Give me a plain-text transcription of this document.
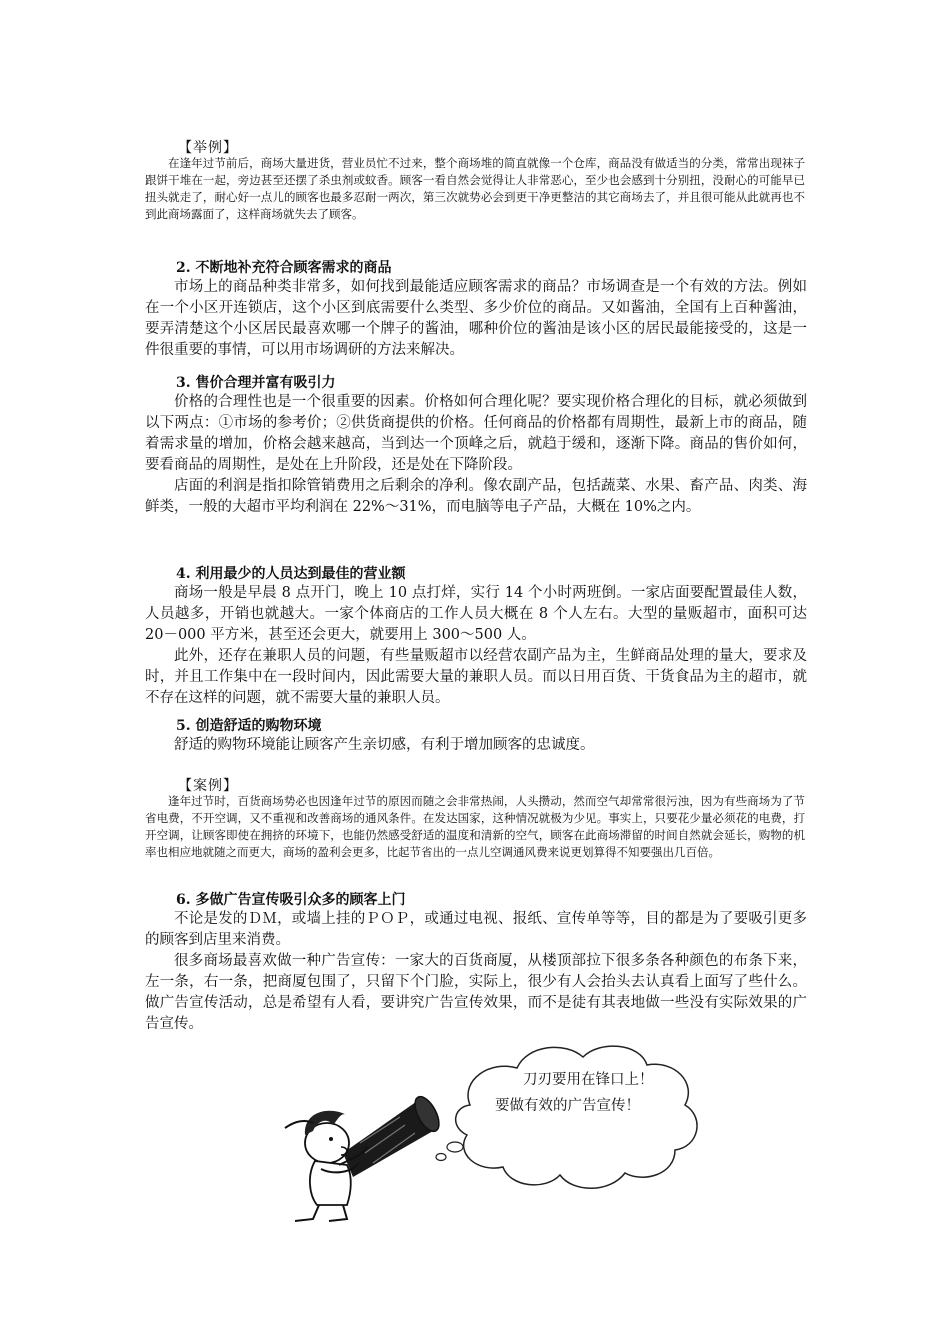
【举例】

在逢年过节前后，商场大量进货，营业员忙不过来，整个商场堆的简直就像一个仓库，商品没有做适当的分类，常常出现袜子跟饼干堆在一起，旁边甚至还摆了杀虫剂或蚊香。顾客一看自然会觉得让人非常恶心，至少也会感到十分别扭，没耐心的可能早已扭头就走了，耐心好一点儿的顾客也最多忍耐一两次，第三次就势必会到更干净更整洁的其它商场去了，并且很可能从此就再也不到此商场露面了，这样商场就失去了顾客。

2. 不断地补充符合顾客需求的商品

市场上的商品种类非常多，如何找到最能适应顾客需求的商品？市场调查是一个有效的方法。例如在一个小区开连锁店，这个小区到底需要什么类型、多少价位的商品。又如酱油，全国有上百种酱油，要弄清楚这个小区居民最喜欢哪一个牌子的酱油，哪种价位的酱油是该小区的居民最能接受的，这是一件很重要的事情，可以用市场调研的方法来解决。

3. 售价合理并富有吸引力

价格的合理性也是一个很重要的因素。价格如何合理化呢？要实现价格合理化的目标，就必须做到以下两点：①市场的参考价；②供货商提供的价格。任何商品的价格都有周期性，最新上市的商品，随着需求量的增加，价格会越来越高，当到达一个顶峰之后，就趋于缓和，逐渐下降。商品的售价如何，要看商品的周期性，是处在上升阶段，还是处在下降阶段。

店面的利润是指扣除管销费用之后剩余的净利。像农副产品，包括蔬菜、水果、畜产品、肉类、海鲜类，一般的大超市平均利润在 22%～31%，而电脑等电子产品，大概在 10%之内。

4. 利用最少的人员达到最佳的营业额

商场一般是早晨 8 点开门，晚上 10 点打烊，实行 14 个小时两班倒。一家店面要配置最佳人数，人员越多，开销也就越大。一家个体商店的工作人员大概在 8 个人左右。大型的量贩超市，面积可达 20－000 平方米，甚至还会更大，就要用上 300～500 人。

此外，还存在兼职人员的问题，有些量贩超市以经营农副产品为主，生鲜商品处理的量大，要求及时，并且工作集中在一段时间内，因此需要大量的兼职人员。而以日用百货、干货食品为主的超市，就不存在这样的问题，就不需要大量的兼职人员。

5. 创造舒适的购物环境

舒适的购物环境能让顾客产生亲切感，有利于增加顾客的忠诚度。

【案例】

逢年过节时，百货商场势必也因逢年过节的原因而随之会非常热闹，人头攒动，然而空气却常常很污浊，因为有些商场为了节省电费，不开空调，又不重视和改善商场的通风条件。在发达国家，这种情况就极为少见。事实上，只要花少量必须花的电费，打开空调，让顾客即使在拥挤的环境下，也能仍然感受舒适的温度和清新的空气，顾客在此商场滞留的时间自然就会延长，购物的机率也相应地就随之而更大，商场的盈利会更多，比起节省出的一点儿空调通风费来说更划算得不知要强出几百倍。

6. 多做广告宣传吸引众多的顾客上门

不论是发的ＤＭ，或墙上挂的ＰＯＰ，或通过电视、报纸、宣传单等等，目的都是为了要吸引更多的顾客到店里来消费。

很多商场最喜欢做一种广告宣传：一家大的百货商厦，从楼顶部拉下很多条各种颜色的布条下来，左一条，右一条，把商厦包围了，只留下个门脸，实际上，很少有人会抬头去认真看上面写了些什么。做广告宣传活动，总是希望有人看，要讲究广告宣传效果，而不是徒有其表地做一些没有实际效果的广告宣传。

刀刃要用在锋口上！
要做有效的广告宣传！
